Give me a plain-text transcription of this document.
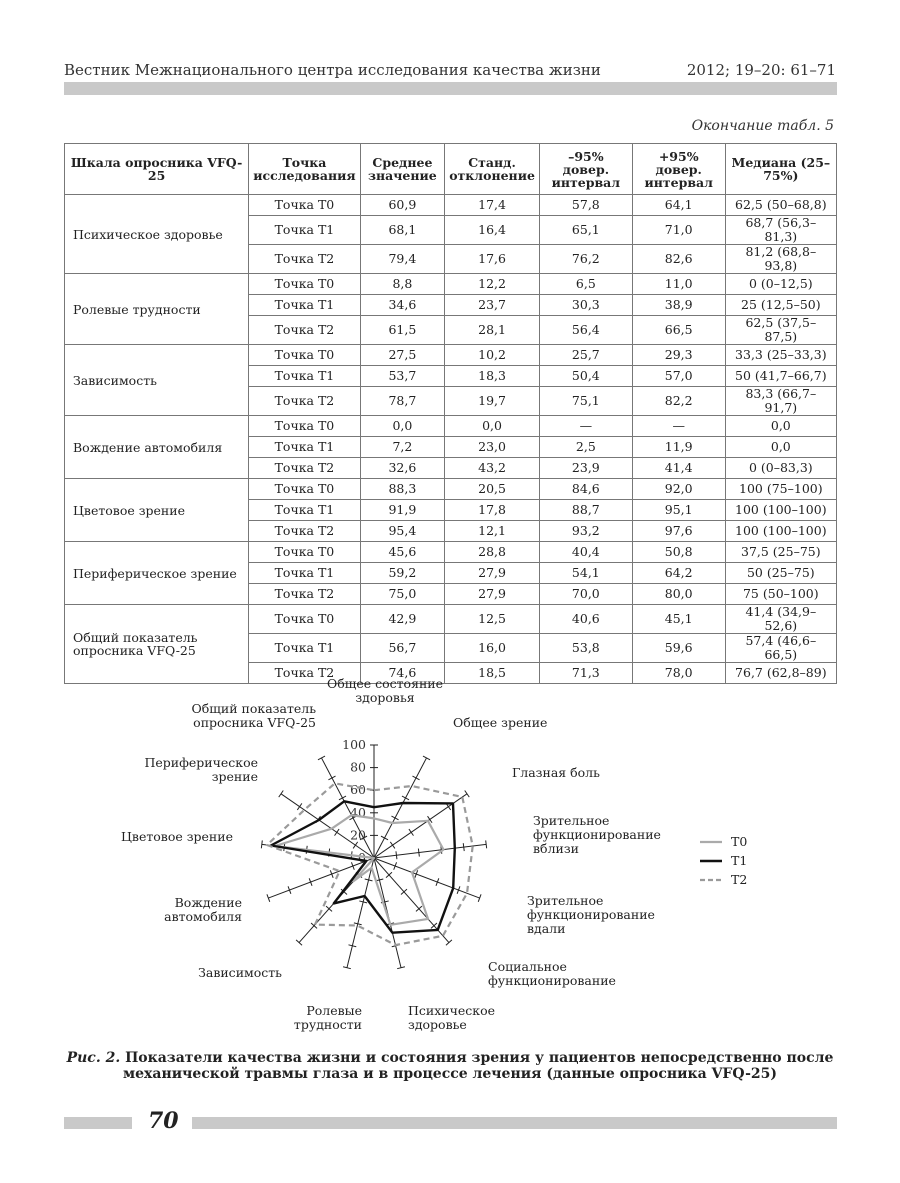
Вестник Межнационального центра исследования качества жизни	2012; 19–20: 61–71
Окончание табл. 5
Шкала опросника VFQ-25	Точка исследования	Среднее значение	Станд. отклонение	–95% довер. интервал	+95% довер. интервал	Медиана (25–75%)
Психическое здоровье	Точка Т0	60,9	17,4	57,8	64,1	62,5 (50–68,8)
	Точка Т1	68,1	16,4	65,1	71,0	68,7 (56,3–81,3)
	Точка Т2	79,4	17,6	76,2	82,6	81,2 (68,8–93,8)
Ролевые трудности	Точка Т0	8,8	12,2	6,5	11,0	0 (0–12,5)
	Точка Т1	34,6	23,7	30,3	38,9	25 (12,5–50)
	Точка Т2	61,5	28,1	56,4	66,5	62,5 (37,5–87,5)
Зависимость	Точка Т0	27,5	10,2	25,7	29,3	33,3 (25–33,3)
	Точка Т1	53,7	18,3	50,4	57,0	50 (41,7–66,7)
	Точка Т2	78,7	19,7	75,1	82,2	83,3 (66,7–91,7)
Вождение автомобиля	Точка Т0	0,0	0,0	—	—	0,0
	Точка Т1	7,2	23,0	2,5	11,9	0,0
	Точка Т2	32,6	43,2	23,9	41,4	0 (0–83,3)
Цветовое зрение	Точка Т0	88,3	20,5	84,6	92,0	100 (75–100)
	Точка Т1	91,9	17,8	88,7	95,1	100 (100–100)
	Точка Т2	95,4	12,1	93,2	97,6	100 (100–100)
Периферическое зрение	Точка Т0	45,6	28,8	40,4	50,8	37,5 (25–75)
	Точка Т1	59,2	27,9	54,1	64,2	50 (25–75)
	Точка Т2	75,0	27,9	70,0	80,0	75 (50–100)
Общий показатель опросника VFQ-25	Точка Т0	42,9	12,5	40,6	45,1	41,4 (34,9–52,6)
	Точка Т1	56,7	16,0	53,8	59,6	57,4 (46,6–66,5)
	Точка Т2	74,6	18,5	71,3	78,0	76,7 (62,8–89)
0
20
40
60
80
100
Общее состояние здоровья
Общее зрение
Глазная боль
Зрительное функционирование вблизи
Зрительное функционирование вдали
Социальное функционирование
Психическое здоровье
Ролевые трудности
Зависимость
Вождение автомобиля
Цветовое зрение
Периферическое зрение
Общий показатель опросника VFQ-25
Т0
Т1
Т2
Рис. 2. Показатели качества жизни и состояния зрения у пациентов непосредственно после механической травмы глаза и в процессе лечения (данные опросника VFQ-25)
70
